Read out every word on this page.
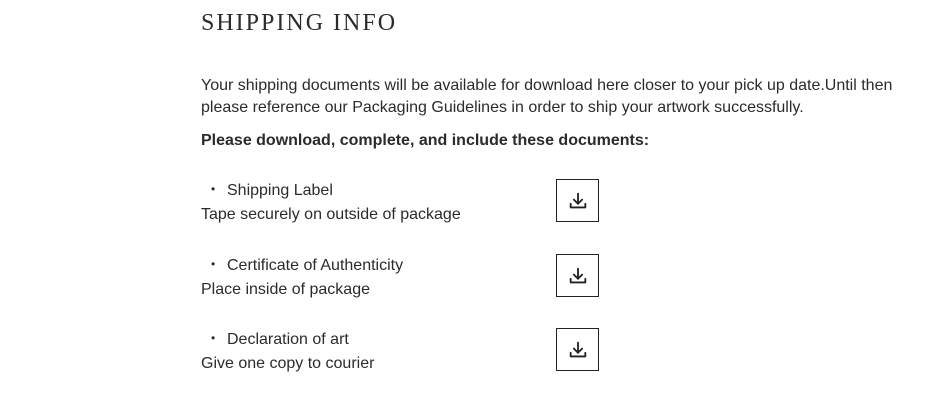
SHIPPING INFO

Your shipping documents will be available for download here closer to your pick up date.Until then please reference our Packaging Guidelines in order to ship your artwork successfully.

Please download, complete, and include these documents:

• Shipping Label
Tape securely on outside of package
• Certificate of Authenticity
Place inside of package
• Declaration of art
Give one copy to courier
